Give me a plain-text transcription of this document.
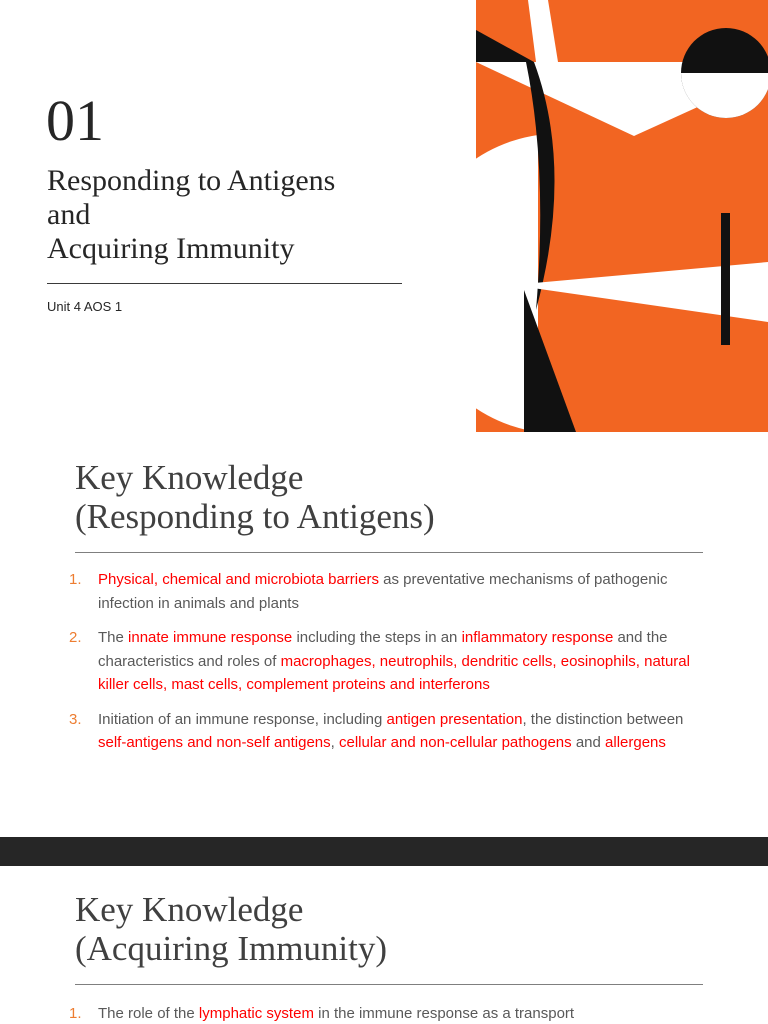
01
Responding to Antigens
and
Acquiring Immunity
Unit 4 AOS 1
Key Knowledge
(Responding to Antigens)
1. Physical, chemical and microbiota barriers as preventative mechanisms of pathogenic infection in animals and plants
2. The innate immune response including the steps in an inflammatory response and the characteristics and roles of macrophages, neutrophils, dendritic cells, eosinophils, natural killer cells, mast cells, complement proteins and interferons
3. Initiation of an immune response, including antigen presentation, the distinction between self-antigens and non-self antigens, cellular and non-cellular pathogens and allergens
Key Knowledge
(Acquiring Immunity)
1. The role of the lymphatic system in the immune response as a transport
